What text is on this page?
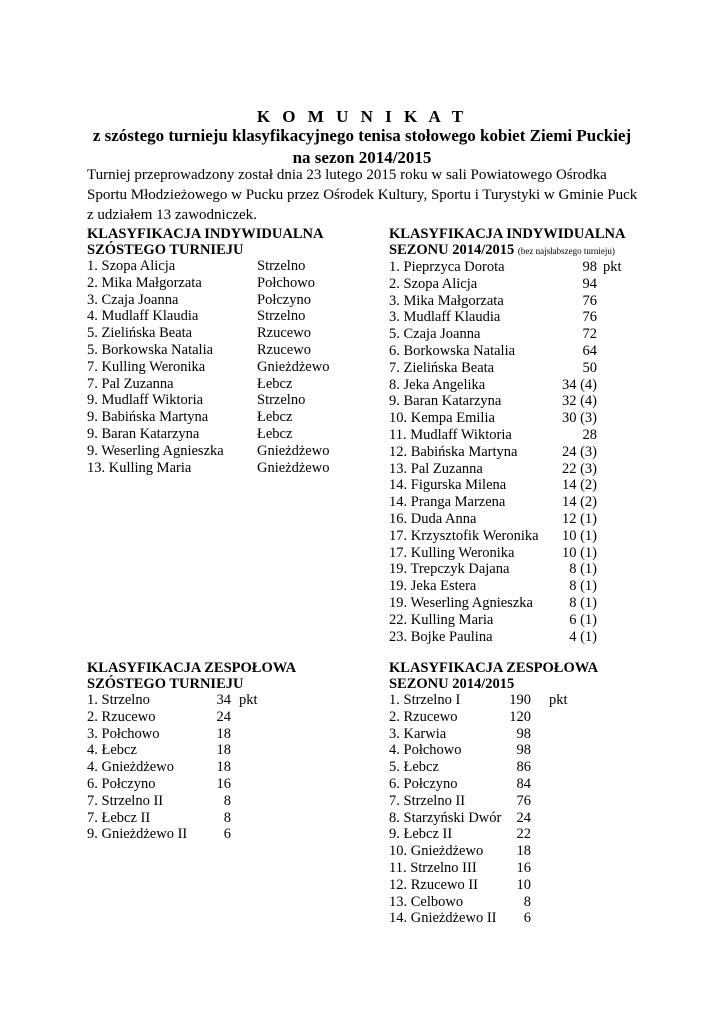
K O M U N I K A T
z szóstego turnieju klasyfikacyjnego tenisa stołowego kobiet Ziemi Puckiej
na sezon 2014/2015
Turniej przeprowadzony został dnia 23 lutego 2015 roku w sali Powiatowego Ośrodka Sportu Młodzieżowego w Pucku przez Ośrodek Kultury, Sportu i Turystyki w Gminie Puck z udziałem 13 zawodniczek.
KLASYFIKACJA INDYWIDUALNA
SZÓSTEGO TURNIEJU
1. Szopa Alicja	Strzelno
2. Mika Małgorzata	Połchowo
3. Czaja Joanna	Połczyno
4. Mudlaff Klaudia	Strzelno
5. Zielińska Beata	Rzucewo
5. Borkowska Natalia	Rzucewo
7. Kulling Weronika	Gnieżdżewo
7. Pal Zuzanna	Łebcz
9. Mudlaff Wiktoria	Strzelno
9. Babińska Martyna	Łebcz
9. Baran Katarzyna	Łebcz
9. Weserling Agnieszka Gnieżdżewo
13. Kulling Maria	Gnieżdżewo
KLASYFIKACJA INDYWIDUALNA
SEZONU 2014/2015 (bez najsłabszego turnieju)
1. Pieprzyca Dorota	98 pkt
2. Szopa Alicja	94
3. Mika Małgorzata	76
3. Mudlaff Klaudia	76
5. Czaja Joanna	72
6. Borkowska Natalia	64
7. Zielińska Beata	50
8. Jeka Angelika	34 (4)
9. Baran Katarzyna	32 (4)
10. Kempa Emilia	30 (3)
11. Mudlaff Wiktoria	28
12. Babińska Martyna	24 (3)
13. Pal Zuzanna	22 (3)
14. Figurska Milena	14 (2)
14. Pranga Marzena	14 (2)
16. Duda Anna	12 (1)
17. Krzysztofik Weronika	10 (1)
17. Kulling Weronika	10 (1)
19. Trepczyk Dajana	8 (1)
19. Jeka Estera	8 (1)
19. Weserling Agnieszka	8 (1)
22. Kulling Maria	6 (1)
23. Bojke Paulina	4 (1)
KLASYFIKACJA ZESPOŁOWA
SZÓSTEGO TURNIEJU
1. Strzelno	34 pkt
2. Rzucewo	24
3. Połchowo	18
4. Łebcz	18
4. Gnieżdżewo	18
6. Połczyno	16
7. Strzelno II	8
7. Łebcz II	8
9. Gnieżdżewo II	6
KLASYFIKACJA ZESPOŁOWA
SEZONU 2014/2015
1. Strzelno I	190 pkt
2. Rzucewo	120
3. Karwia	98
4. Połchowo	98
5. Łebcz	86
6. Połczyno	84
7. Strzelno II	76
8. Starzyński Dwór	24
9. Łebcz II	22
10. Gnieżdżewo	18
11. Strzelno III	16
12. Rzucewo II	10
13. Celbowo	8
14. Gnieżdżewo II	6
